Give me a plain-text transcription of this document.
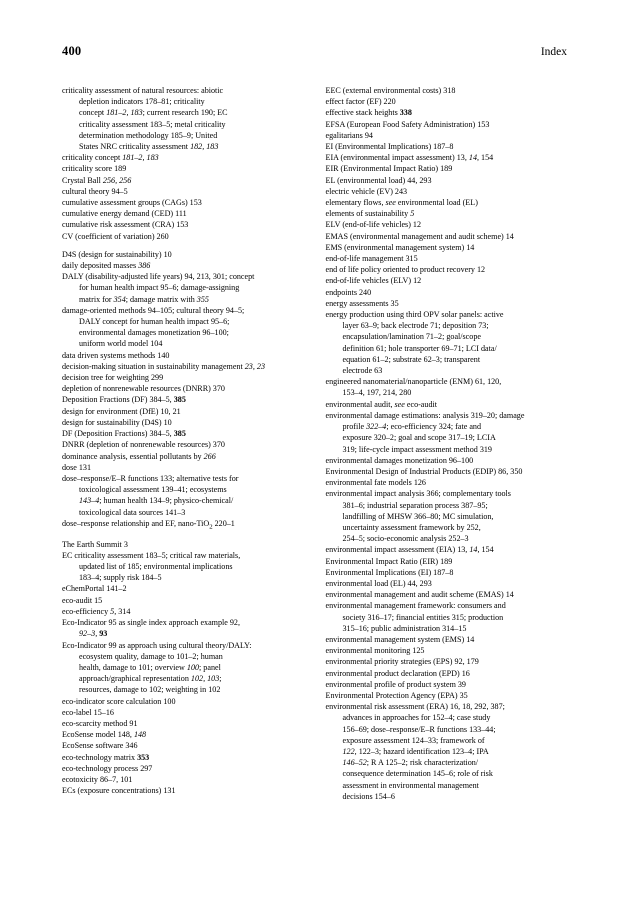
400	Index

criticality assessment of natural resources: abiotic

depletion indicators 178–81; criticality

concept 181–2, 183; current research 190; EC

criticality assessment 183–5; metal criticality

determination methodology 185–9; United

States NRC criticality assessment 182, 183

criticality concept 181–2, 183

criticality score 189

Crystal Ball 256, 256

cultural theory 94–5

cumulative assessment groups (CAGs) 153

cumulative energy demand (CED) 111

cumulative risk assessment (CRA) 153

CV (coefficient of variation) 260

D4S (design for sustainability) 10

daily deposited masses 386

DALY (disability-adjusted life years) 94, 213, 301; concept

for human health impact 95–6; damage-assigning

matrix for 354; damage matrix with 355

damage-oriented methods 94–105; cultural theory 94–5;

DALY concept for human health impact 95–6;

environmental damages monetization 96–100;

uniform world model 104

data driven systems methods 140

decision-making situation in sustainability management 23, 23

decision tree for weighting 299

depletion of nonrenewable resources (DNRR) 370

Deposition Fractions (DF) 384–5, 385

design for environment (DfE) 10, 21

design for sustainability (D4S) 10

DF (Deposition Fractions) 384–5, 385

DNRR (depletion of nonrenewable resources) 370

dominance analysis, essential pollutants by 266

dose 131

dose–response/E–R functions 133; alternative tests for

toxicological assessment 139–41; ecosystems

143–4; human health 134–9; physico-chemical/

toxicological data sources 141–3

dose–response relationship and EF, nano-TiO$_2$ 220–1

The Earth Summit 3

EC criticality assessment 183–5; critical raw materials,

updated list of 185; environmental implications

183–4; supply risk 184–5

eChemPortal 141–2

eco-audit 15

eco-efficiency 5, 314

Eco-Indicator 95 as single index approach example 92,

92–3, 93

Eco-Indicator 99 as approach using cultural theory/DALY:

ecosystem quality, damage to 101–2; human

health, damage to 101; overview 100; panel

approach/graphical representation 102, 103;

resources, damage to 102; weighting in 102

eco-indicator score calculation 100

eco-label 15–16

eco-scarcity method 91

EcoSense model 148, 148

EcoSense software 346

eco-technology matrix 353

eco-technology process 297

ecotoxicity 86–7, 101

ECs (exposure concentrations) 131

EEC (external environmental costs) 318

effect factor (EF) 220

effective stack heights 338

EFSA (European Food Safety Administration) 153

egalitarians 94

EI (Environmental Implications) 187–8

EIA (environmental impact assessment) 13, 14, 154

EIR (Environmental Impact Ratio) 189

EL (environmental load) 44, 293

electric vehicle (EV) 243

elementary flows, see environmental load (EL)

elements of sustainability 5

ELV (end-of-life vehicles) 12

EMAS (environmental management and audit scheme) 14

EMS (environmental management system) 14

end-of-life management 315

end of life policy oriented to product recovery 12

end-of-life vehicles (ELV) 12

endpoints 240

energy assessments 35

energy production using third OPV solar panels: active

layer 63–9; back electrode 71; deposition 73;

encapsulation/lamination 71–2; goal/scope

definition 61; hole transporter 69–71; LCI data/

equation 61–2; substrate 62–3; transparent

electrode 63

engineered nanomaterial/nanoparticle (ENM) 61, 120,

153–4, 197, 214, 280

environmental audit, see eco-audit

environmental damage estimations: analysis 319–20; damage

profile 322–4; eco-efficiency 324; fate and

exposure 320–2; goal and scope 317–19; LCIA

319; life-cycle impact assessment method 319

environmental damages monetization 96–100

Environmental Design of Industrial Products (EDIP) 86, 350

environmental fate models 126

environmental impact analysis 366; complementary tools

381–6; industrial separation process 387–95;

landfilling of MHSW 366–80; MC simulation,

uncertainty assessment framework by 252,

254–5; socio-economic analysis 252–3

environmental impact assessment (EIA) 13, 14, 154

Environmental Impact Ratio (EIR) 189

Environmental Implications (EI) 187–8

environmental load (EL) 44, 293

environmental management and audit scheme (EMAS) 14

environmental management framework: consumers and

society 316–17; financial entities 315; production

315–16; public administration 314–15

environmental management system (EMS) 14

environmental monitoring 125

environmental priority strategies (EPS) 92, 179

environmental product declaration (EPD) 16

environmental profile of product system 39

Environmental Protection Agency (EPA) 35

environmental risk assessment (ERA) 16, 18, 292, 387;

advances in approaches for 152–4; case study

156–69; dose–response/E–R functions 133–44;

exposure assessment 124–33; framework of

122, 122–3; hazard identification 123–4; IPA

146–52; R A 125–2; risk characterization/

consequence determination 145–6; role of risk

assessment in environmental management

decisions 154–6
